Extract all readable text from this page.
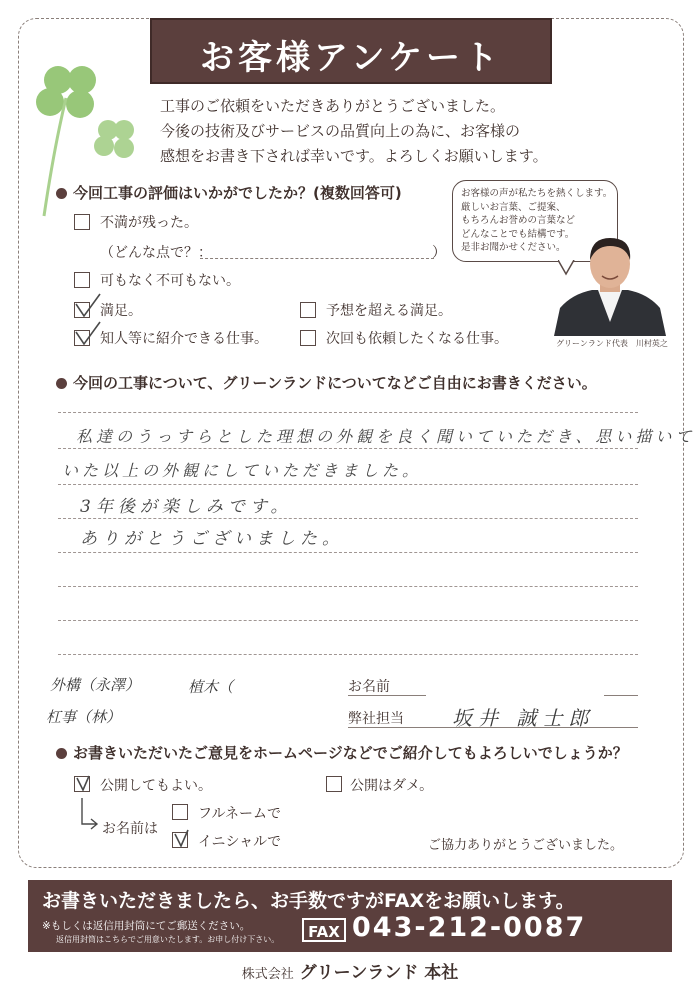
お客様アンケート
工事のご依頼をいただきありがとうございました。
今後の技術及びサービスの品質向上の為に、お客様の
感想をお書き下されば幸いです。よろしくお願いします。
今回工事の評価はいかがでしたか？(複数回答可)
不満が残った。
（どんな点で？：	）
可もなく不可もない。
満足。	予想を超える満足。
知人等に紹介できる仕事。	次回も依頼したくなる仕事。
お客様の声が私たちを熱くします。
厳しいお言葉、ご提案、
もちろんお誉めの言葉など
どんなことでも結構です。
是非お聞かせください。
グリーンランド代表　川村英之
今回の工事について、グリーンランドについてなどご自由にお書きください。
私達のうっすらとした理想の外観を良く聞いていただき、思い描いて
いた以上の外観にしていただきました。
3年後が楽しみです。
ありがとうございました。
外構（永澤）	植木（
杠事（林）
お名前
弊社担当 坂井 誠士郎
お書きいただいたご意見をホームページなどでご紹介してもよろしいでしょうか？
公開してもよい。	公開はダメ。
お名前は
フルネームで
イニシャルで	ご協力ありがとうございました。
お書きいただきましたら、お手数ですがFAXをお願いします。
※もしくは返信用封筒にてご郵送ください。
返信用封筒はこちらでご用意いたします。お申し付け下さい。	FAX 043-212-0087
株式会社 グリーンランド 本社
